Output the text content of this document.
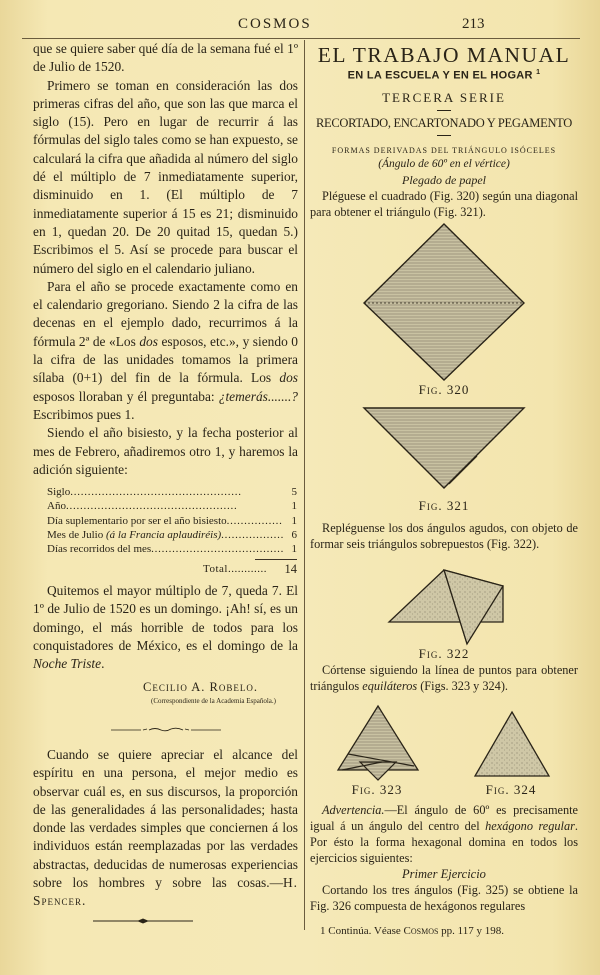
COSMOS	213

que se quiere saber qué día de la semana fué el 1º de Julio de 1520.

Primero se toman en consideración las dos primeras cifras del año, que son las que marca el siglo (15). Pero en lugar de recurrir á las fórmulas del siglo tales como se han expuesto, se calculará la cifra que añadida al número del siglo dé el múltiplo de 7 inmediatamente superior, disminuido en 1. (El múltiplo de 7 inmediatamente superior á 15 es 21; disminuido en 1, quedan 20. De 20 quitad 15, quedan 5.) Escribimos el 5. Así se procede para buscar el número del siglo en el calendario juliano.

Para el año se procede exactamente como en el calendario gregoriano. Siendo 2 la cifra de las decenas en el ejemplo dado, recurrimos á la fórmula 2ª de «Los dos esposos, etc.», y siendo 0 la cifra de las unidades tomamos la primera sílaba (0+1) del fin de la fórmula. Los dos esposos lloraban y él preguntaba: ¿temerás.......? Escribimos pues 1.

Siendo el año bisiesto, y la fecha posterior al mes de Febrero, añadiremos otro 1, y haremos la adición siguiente:

Siglo . . .	5
Año . . .	1
Día suplementario por ser el año bisiesto . . .	1
Mes de Julio (á la Francia aplaudiréis) . . .	6
Días recorridos del mes . . .	1
Total............	14

Quitemos el mayor múltiplo de 7, queda 7. El 1º de Julio de 1520 es un domingo. ¡Ah! sí, es un domingo, el más horrible de todos para los conquistadores de México, es el domingo de la Noche Triste.

Cecilio A. Robelo.
(Correspondiente de la Academia Española.)

Cuando se quiere apreciar el alcance del espíritu en una persona, el mejor medio es observar cuál es, en sus discursos, la proporción de las generalidades á las personalidades; hasta donde las verdades simples que conciernen á los individuos están reemplazadas por las verdades abstractas, deducidas de numerosas experiencias sobre los hombres y sobre las cosas.—H. Spencer.

EL TRABAJO MANUAL
EN LA ESCUELA Y EN EL HOGAR $^1$
TERCERA SERIE
RECORTADO, ENCARTONADO Y PEGAMENTO
FORMAS DERIVADAS DEL TRIÁNGULO ISÓCELES
(Ángulo de 60º en el vértice)
Plegado de papel

Pléguese el cuadrado (Fig. 320) según una diagonal para obtener el triángulo (Fig. 321).

Fig. 320
Fig. 321

Repléguense los dos ángulos agudos, con objeto de formar seis triángulos sobrepuestos (Fig. 322).

Fig. 322

Córtense siguiendo la línea de puntos para obtener triángulos equiláteros (Figs. 323 y 324).

Fig. 323	Fig. 324

Advertencia.—El ángulo de 60º es precisamente igual á un ángulo del centro del hexágono regular. Por ésto la forma hexagonal domina en todos los ejercicios siguientes:

Primer Ejercicio

Cortando los tres ángulos (Fig. 325) se obtiene la Fig. 326 compuesta de hexágonos regulares

1 Continúa. Véase Cosmos pp. 117 y 198.
